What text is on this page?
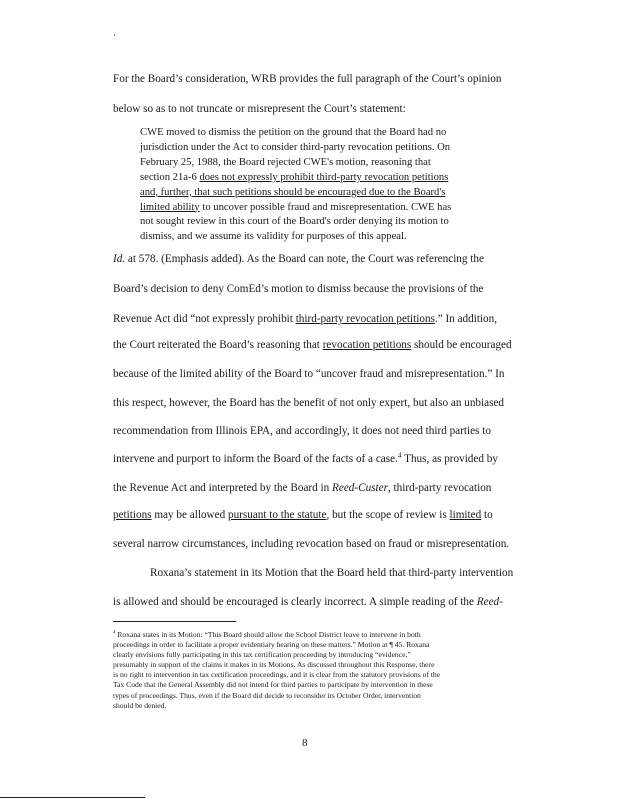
·
For the Board’s consideration, WRB provides the full paragraph of the Court’s opinion
below so as to not truncate or misrepresent the Court’s statement:

CWE moved to dismiss the petition on the ground that the Board had no

jurisdiction under the Act to consider third-party revocation petitions. On

February 25, 1988, the Board rejected CWE's motion, reasoning that

section 21a-6 does not expressly prohibit third-party revocation petitions

and, further, that such petitions should be encouraged due to the Board's

limited ability to uncover possible fraud and misrepresentation. CWE has

not sought review in this court of the Board's order denying its motion to

dismiss, and we assume its validity for purposes of this appeal.

Id. at 578. (Emphasis added). As the Board can note, the Court was referencing the
Board’s decision to deny ComEd’s motion to dismiss because the provisions of the
Revenue Act did “not expressly prohibit third-party revocation petitions.” In addition,
the Court reiterated the Board’s reasoning that revocation petitions should be encouraged
because of the limited ability of the Board to “uncover fraud and misrepresentation.” In
this respect, however, the Board has the benefit of not only expert, but also an unbiased
recommendation from Illinois EPA, and accordingly, it does not need third parties to
intervene and purport to inform the Board of the facts of a case.$^4$ Thus, as provided by
the Revenue Act and interpreted by the Board in Reed-Custer, third-party revocation
petitions may be allowed pursuant to the statute, but the scope of review is limited to
several narrow circumstances, including revocation based on fraud or misrepresentation.
Roxana’s statement in its Motion that the Board held that third-party intervention
is allowed and should be encouraged is clearly incorrect. A simple reading of the Reed-

$^4$ Roxana states in its Motion: “This Board should allow the School District leave to intervene in both

proceedings in order to facilitate a proper evidentiary hearing on these matters.” Motion at ¶ 45. Roxana

clearly envisions fully participating in this tax certification proceeding by introducing “evidence,”

presumably in support of the claims it makes in its Motions. As discussed throughout this Response, there

is no right to intervention in tax certification proceedings, and it is clear from the statutory provisions of the

Tax Code that the General Assembly did not intend for third parties to participate by intervention in these

types of proceedings. Thus, even if the Board did decide to reconsider its October Order, intervention

should be denied.

8
